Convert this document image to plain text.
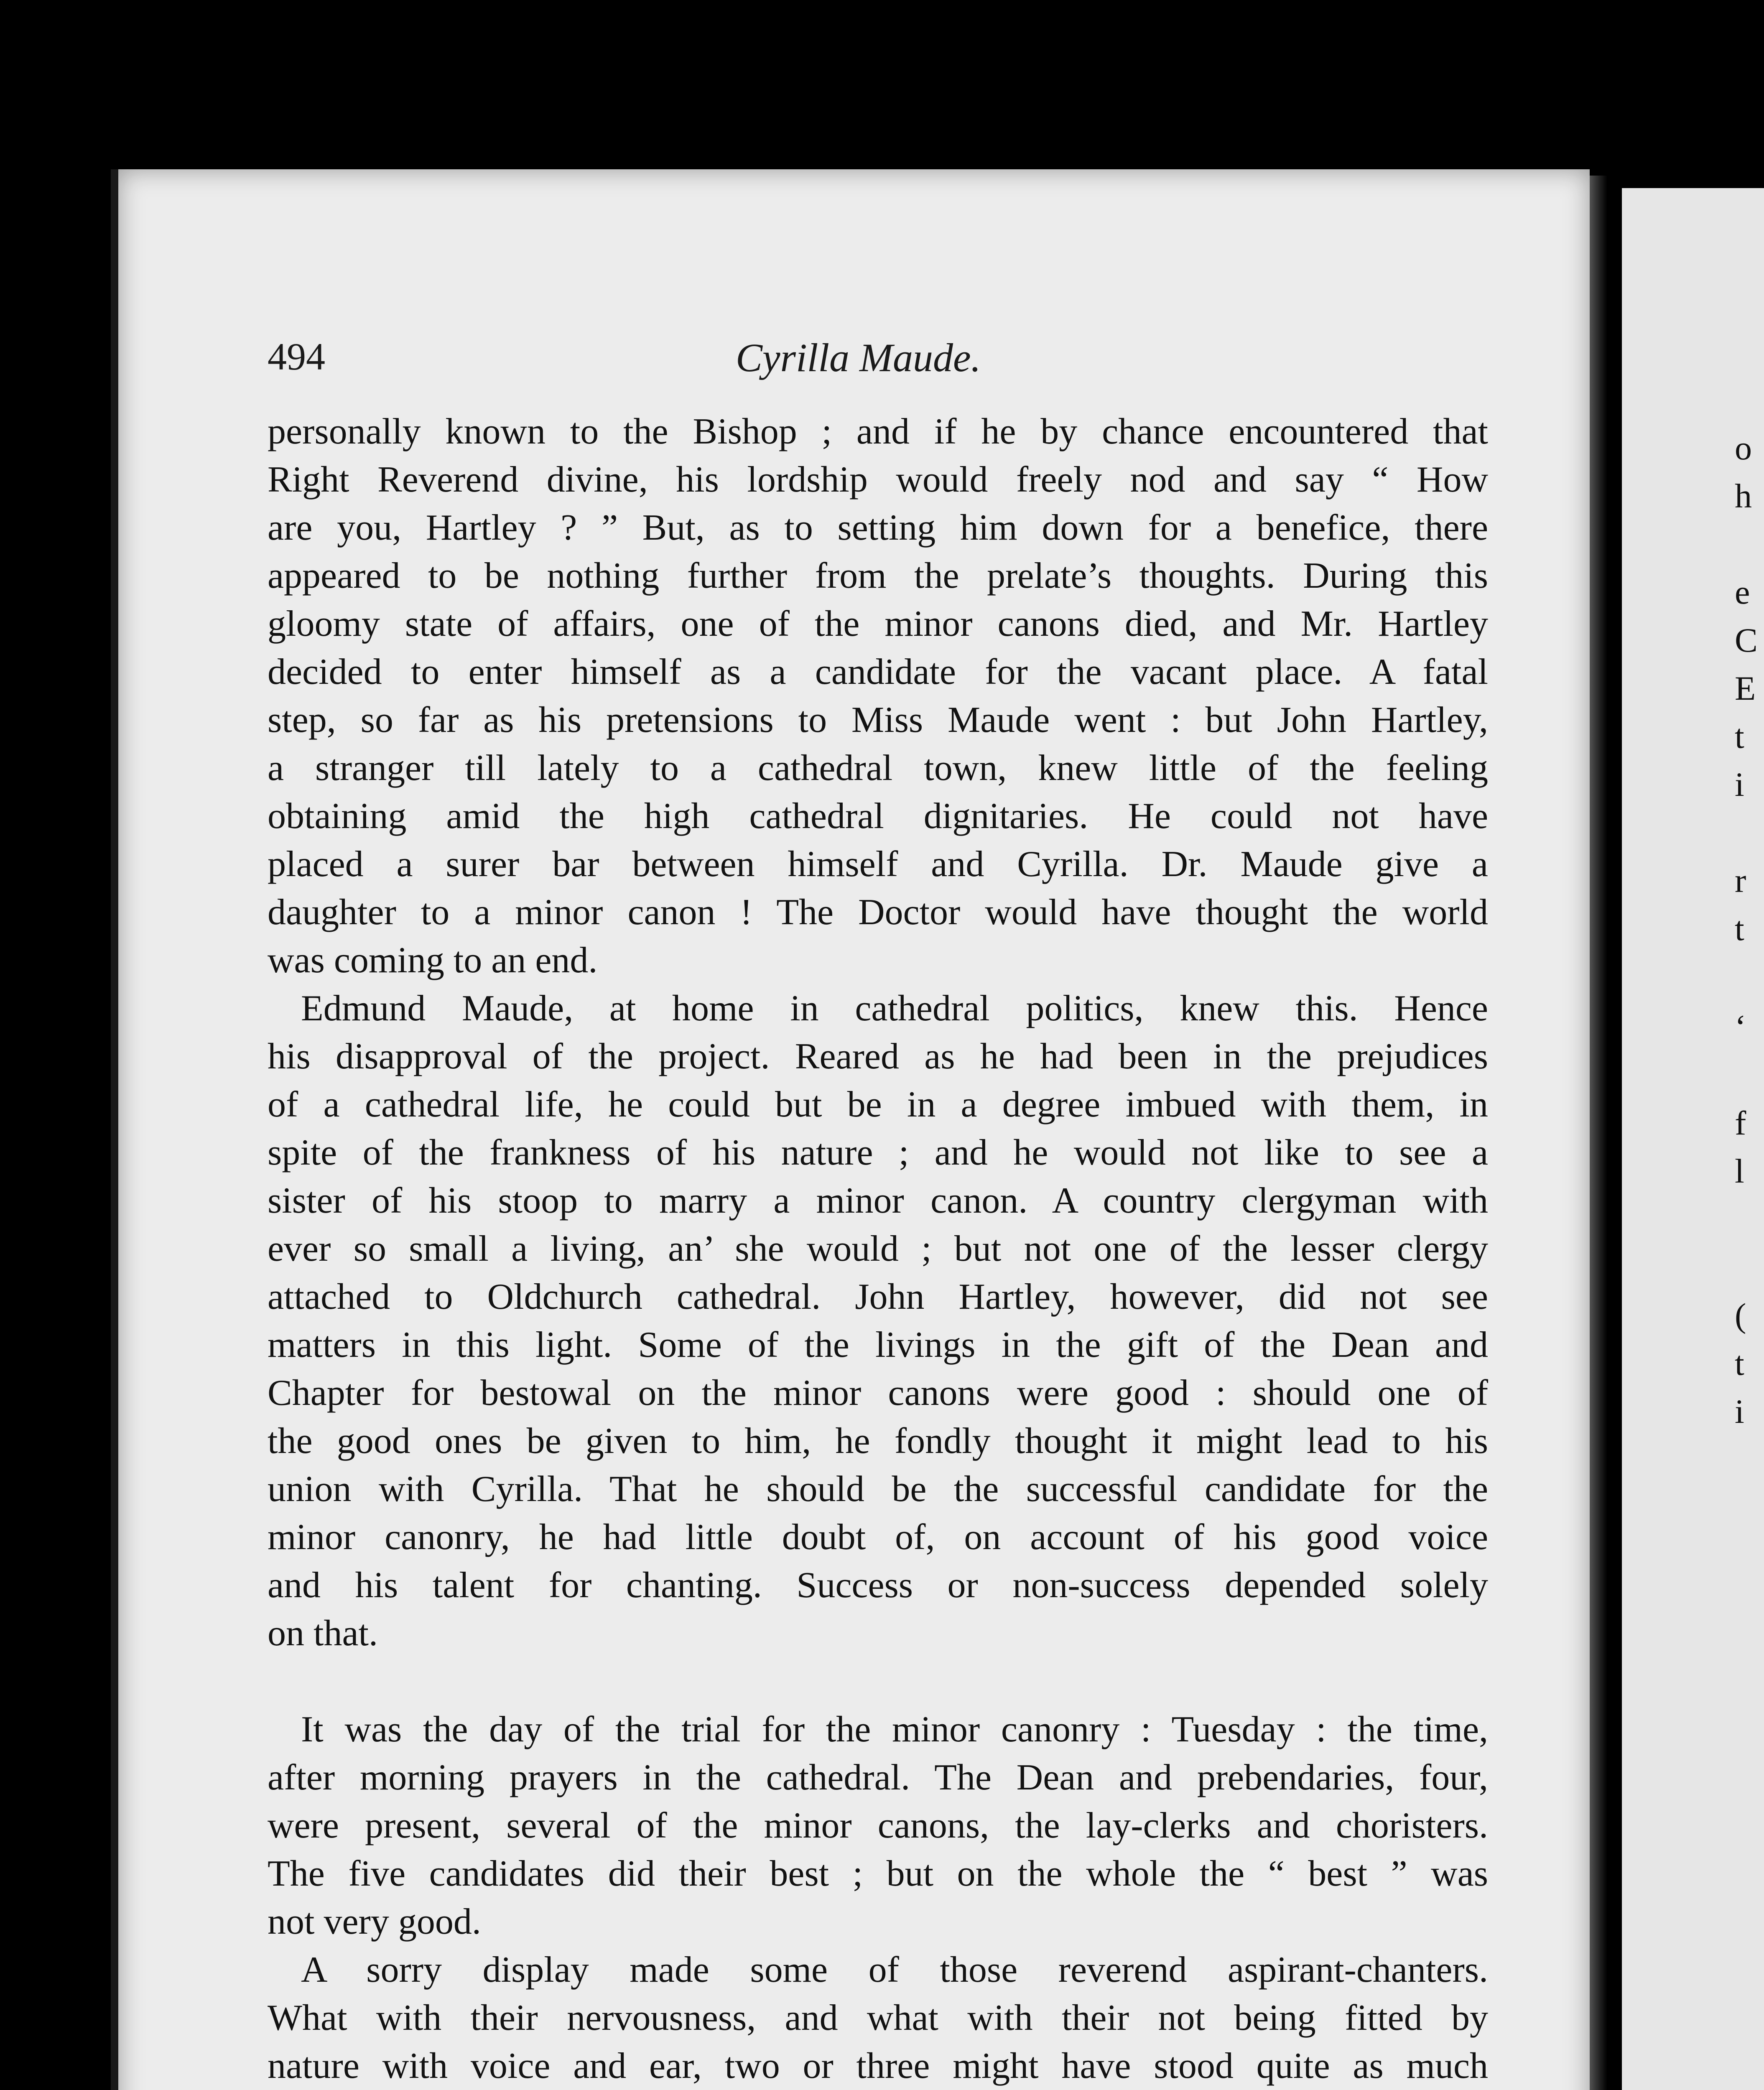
o
h
e
C
E
t
i
r
t
‘
f
l
(
t
i
494	Cyrilla Maude.
personally known to the Bishop ; and if he by chance encountered that
Right Reverend divine, his lordship would freely nod and say “ How
are you, Hartley ? ” But, as to setting him down for a benefice, there
appeared to be nothing further from the prelate’s thoughts. During this
gloomy state of affairs, one of the minor canons died, and Mr. Hartley
decided to enter himself as a candidate for the vacant place. A fatal
step, so far as his pretensions to Miss Maude went : but John Hartley,
a stranger till lately to a cathedral town, knew little of the feeling
obtaining amid the high cathedral dignitaries. He could not have
placed a surer bar between himself and Cyrilla. Dr. Maude give a
daughter to a minor canon ! The Doctor would have thought the world
was coming to an end.
Edmund Maude, at home in cathedral politics, knew this. Hence
his disapproval of the project. Reared as he had been in the prejudices
of a cathedral life, he could but be in a degree imbued with them, in
spite of the frankness of his nature ; and he would not like to see a
sister of his stoop to marry a minor canon. A country clergyman with
ever so small a living, an’ she would ; but not one of the lesser clergy
attached to Oldchurch cathedral. John Hartley, however, did not see
matters in this light. Some of the livings in the gift of the Dean and
Chapter for bestowal on the minor canons were good : should one of
the good ones be given to him, he fondly thought it might lead to his
union with Cyrilla. That he should be the successful candidate for the
minor canonry, he had little doubt of, on account of his good voice
and his talent for chanting. Success or non-success depended solely
on that.
It was the day of the trial for the minor canonry : Tuesday : the time,
after morning prayers in the cathedral. The Dean and prebendaries, four,
were present, several of the minor canons, the lay-clerks and choristers.
The five candidates did their best ; but on the whole the “ best ” was
not very good.
A sorry display made some of those reverend aspirant-chanters.
What with their nervousness, and what with their not being fitted by
nature with voice and ear, two or three might have stood quite as much
